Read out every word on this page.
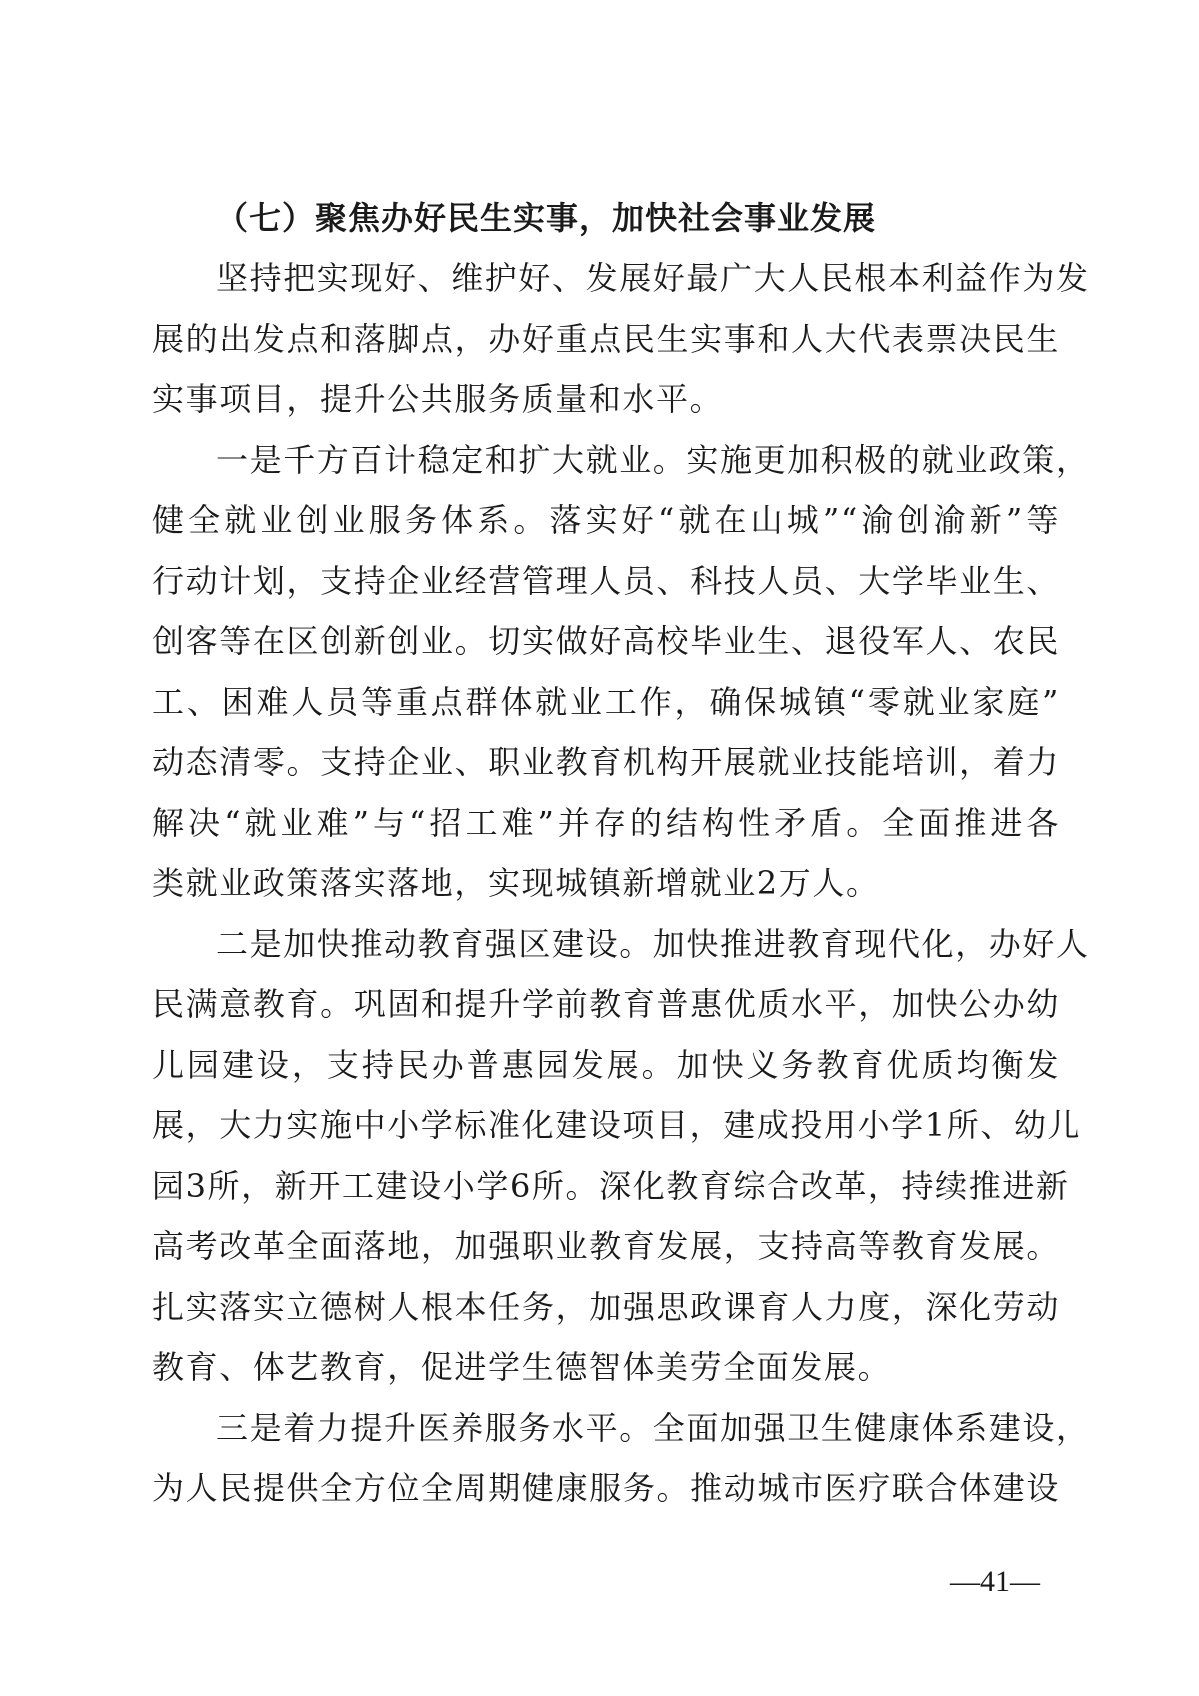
（七）聚焦办好民生实事，加快社会事业发展

坚持把实现好、维护好、发展好最广大人民根本利益作为发
展的出发点和落脚点，办好重点民生实事和人大代表票决民生
实事项目，提升公共服务质量和水平。

一是千方百计稳定和扩大就业。实施更加积极的就业政策，
健全就业创业服务体系。落实好“就在山城”“渝创渝新”等
行动计划，支持企业经营管理人员、科技人员、大学毕业生、
创客等在区创新创业。切实做好高校毕业生、退役军人、农民
工、困难人员等重点群体就业工作，确保城镇“零就业家庭”
动态清零。支持企业、职业教育机构开展就业技能培训，着力
解决“就业难”与“招工难”并存的结构性矛盾。全面推进各
类就业政策落实落地，实现城镇新增就业2万人。

二是加快推动教育强区建设。加快推进教育现代化，办好人
民满意教育。巩固和提升学前教育普惠优质水平，加快公办幼
儿园建设，支持民办普惠园发展。加快义务教育优质均衡发
展，大力实施中小学标准化建设项目，建成投用小学1所、幼儿
园3所，新开工建设小学6所。深化教育综合改革，持续推进新
高考改革全面落地，加强职业教育发展，支持高等教育发展。
扎实落实立德树人根本任务，加强思政课育人力度，深化劳动
教育、体艺教育，促进学生德智体美劳全面发展。

三是着力提升医养服务水平。全面加强卫生健康体系建设，
为人民提供全方位全周期健康服务。推动城市医疗联合体建设

—41—
